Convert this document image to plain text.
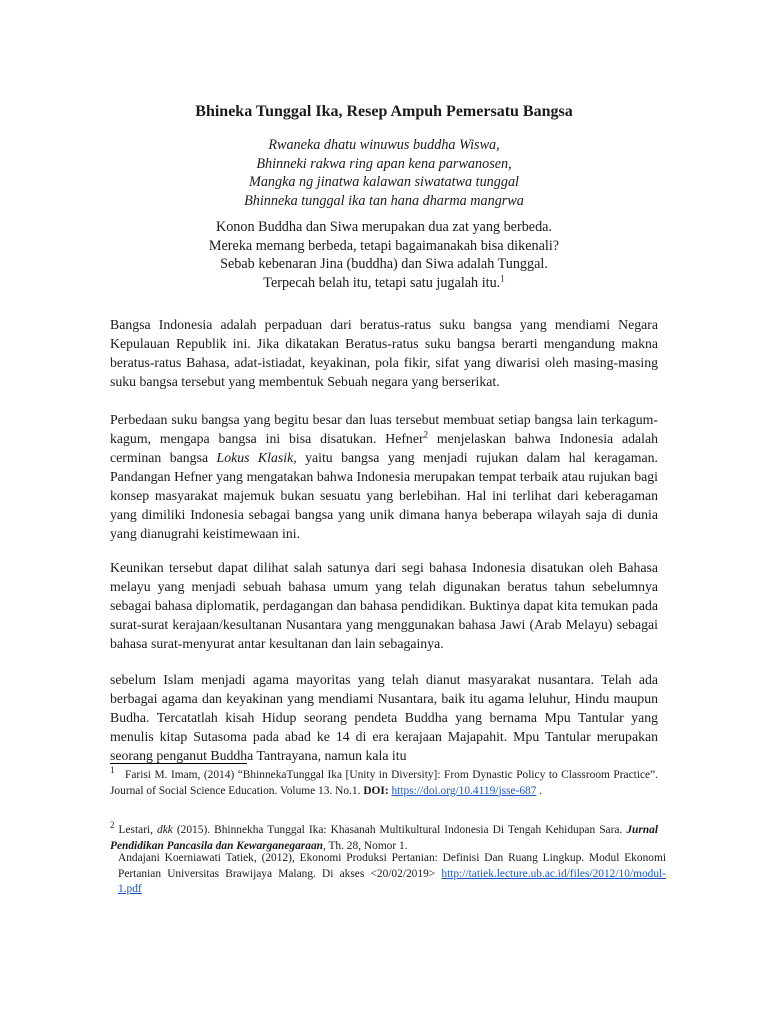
Bhineka Tunggal Ika, Resep Ampuh Pemersatu Bangsa
Rwaneka dhatu winuwus buddha Wiswa,
Bhinneki rakwa ring apan kena parwanosen,
Mangka ng jinatwa kalawan siwatatwa tunggal
Bhinneka tunggal ika tan hana dharma mangrwa
Konon Buddha dan Siwa merupakan dua zat yang berbeda.
Mereka memang berbeda, tetapi bagaimanakah bisa dikenali?
Sebab kebenaran Jina (buddha) dan Siwa adalah Tunggal.
Terpecah belah itu, tetapi satu jugalah itu.$^1$

Bangsa Indonesia adalah perpaduan dari beratus-ratus suku bangsa yang mendiami Negara Kepulauan Republik ini. Jika dikatakan Beratus-ratus suku bangsa berarti mengandung makna beratus-ratus Bahasa, adat-istiadat, keyakinan, pola fikir, sifat yang diwarisi oleh masing-masing suku bangsa tersebut yang membentuk Sebuah negara yang berserikat.

Perbedaan suku bangsa yang begitu besar dan luas tersebut membuat setiap bangsa lain terkagum-kagum, mengapa bangsa ini bisa disatukan. Hefner$^2$ menjelaskan bahwa Indonesia adalah cerminan bangsa Lokus Klasik, yaitu bangsa yang menjadi rujukan dalam hal keragaman. Pandangan Hefner yang mengatakan bahwa Indonesia merupakan tempat terbaik atau rujukan bagi konsep masyarakat majemuk bukan sesuatu yang berlebihan. Hal ini terlihat dari keberagaman yang dimiliki Indonesia sebagai bangsa yang unik dimana hanya beberapa wilayah saja di dunia yang dianugrahi keistimewaan ini.

Keunikan tersebut dapat dilihat salah satunya dari segi bahasa Indonesia disatukan oleh Bahasa melayu yang menjadi sebuah bahasa umum yang telah digunakan beratus tahun sebelumnya sebagai bahasa diplomatik, perdagangan dan bahasa pendidikan. Buktinya dapat kita temukan pada surat-surat kerajaan/kesultanan Nusantara yang menggunakan bahasa Jawi (Arab Melayu) sebagai bahasa surat-menyurat antar kesultanan dan lain sebagainya.

sebelum Islam menjadi agama mayoritas yang telah dianut masyarakat nusantara. Telah ada berbagai agama dan keyakinan yang mendiami Nusantara, baik itu agama leluhur, Hindu maupun Budha. Tercatatlah kisah Hidup seorang pendeta Buddha yang bernama Mpu Tantular yang menulis kitap Sutasoma pada abad ke 14 di era kerajaan Majapahit. Mpu Tantular merupakan seorang penganut Buddha Tantrayana, namun kala itu

$^1$ Farisi M. Imam, (2014) “BhinnekaTunggal Ika [Unity in Diversity]: From Dynastic Policy to Classroom Practice”. Journal of Social Science Education. Volume 13. No.1. DOI: https://doi.org/10.4119/jsse-687 .

$^2$ Lestari, dkk (2015). Bhinnekha Tunggal Ika: Khasanah Multikultural Indonesia Di Tengah Kehidupan Sara. Jurnal Pendidikan Pancasila dan Kewarganegaraan, Th. 28, Nomor 1.

Andajani Koerniawati Tatiek, (2012), Ekonomi Produksi Pertanian: Definisi Dan Ruang Lingkup. Modul Ekonomi Pertanian Universitas Brawijaya Malang. Di akses <20/02/2019> http://tatiek.lecture.ub.ac.id/files/2012/10/modul-1.pdf
